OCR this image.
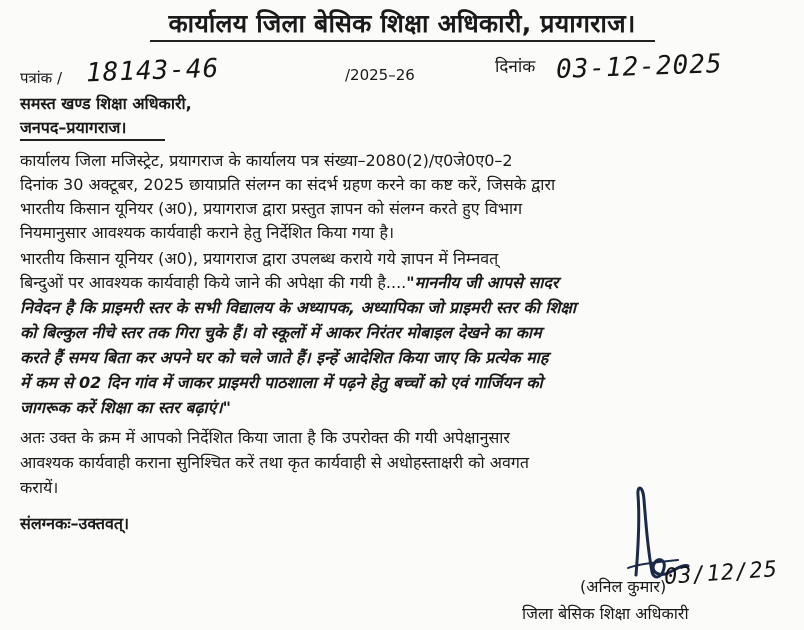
कार्यालय जिला बेसिक शिक्षा अधिकारी, प्रयागराज।
पत्रांक / 18143-46	/2025–26	दिनांक 03-12-2025
समस्त खण्ड शिक्षा अधिकारी,
जनपद–प्रयागराज।
कार्यालय जिला मजिस्ट्रेट, प्रयागराज के कार्यालय पत्र संख्या–2080(2)/ए0जे0ए0–2
दिनांक 30 अक्टूबर, 2025 छायाप्रति संलग्न का संदर्भ ग्रहण करने का कष्ट करें, जिसके द्वारा
भारतीय किसान यूनियर (अ0), प्रयागराज द्वारा प्रस्तुत ज्ञापन को संलग्न करते हुए विभाग
नियमानुसार आवश्यक कार्यवाही कराने हेतु निर्देशित किया गया है।
भारतीय किसान यूनियर (अ0), प्रयागराज द्वारा उपलब्ध कराये गये ज्ञापन में निम्नवत्
बिन्दुओं पर आवश्यक कार्यवाही किये जाने की अपेक्षा की गयी है...."माननीय जी आपसे सादर
निवेदन है कि प्राइमरी स्तर के सभी विद्यालय के अध्यापक, अध्यापिका जो प्राइमरी स्तर की शिक्षा
को बिल्कुल नीचे स्तर तक गिरा चुके हैं। वो स्कूलों में आकर निरंतर मोबाइल देखने का काम
करते हैं समय बिता कर अपने घर को चले जाते हैं। इन्हें आदेशित किया जाए कि प्रत्येक माह
में कम से 02 दिन गांव में जाकर प्राइमरी पाठशाला में पढ़ने हेतु बच्चों को एवं गार्जियन को
जागरूक करें शिक्षा का स्तर बढ़ाएं।"
अतः उक्त के क्रम में आपको निर्देशित किया जाता है कि उपरोक्त की गयी अपेक्षानुसार
आवश्यक कार्यवाही कराना सुनिश्चित करें तथा कृत कार्यवाही से अधोहस्ताक्षरी को अवगत
करायें।
संलग्नकः–उक्तवत्।
03/12/25
(अनिल कुमार)
जिला बेसिक शिक्षा अधिकारी
